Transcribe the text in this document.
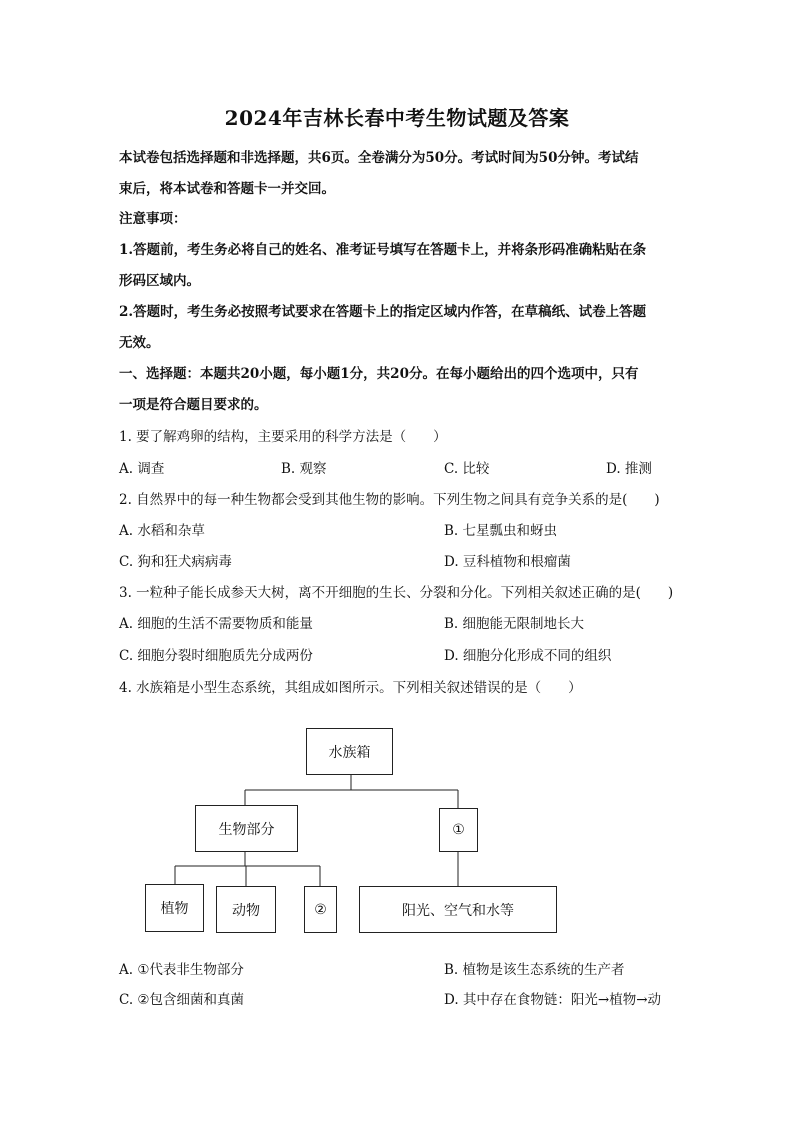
2024年吉林长春中考生物试题及答案
本试卷包括选择题和非选择题，共6页。全卷满分为50分。考试时间为50分钟。考试结
束后，将本试卷和答题卡一并交回。
注意事项：
1.答题前，考生务必将自己的姓名、准考证号填写在答题卡上，并将条形码准确粘贴在条
形码区域内。
2.答题时，考生务必按照考试要求在答题卡上的指定区域内作答，在草稿纸、试卷上答题
无效。
一、选择题：本题共20小题，每小题1分，共20分。在每小题给出的四个选项中，只有
一项是符合题目要求的。
1. 要了解鸡卵的结构，主要采用的科学方法是（　　）
A. 调查	B. 观察	C. 比较	D. 推测
2. 自然界中的每一种生物都会受到其他生物的影响。下列生物之间具有竞争关系的是(　　)
A. 水稻和杂草	B. 七星瓢虫和蚜虫
C. 狗和狂犬病病毒	D. 豆科植物和根瘤菌
3. 一粒种子能长成参天大树，离不开细胞的生长、分裂和分化。下列相关叙述正确的是(　　)
A. 细胞的生活不需要物质和能量	B. 细胞能无限制地长大
C. 细胞分裂时细胞质先分成两份	D. 细胞分化形成不同的组织
4. 水族箱是小型生态系统，其组成如图所示。下列相关叙述错误的是（　　）
水族箱
生物部分	①
植物	动物	②	阳光、空气和水等
A. ①代表非生物部分	B. 植物是该生态系统的生产者
C. ②包含细菌和真菌	D. 其中存在食物链：阳光→植物→动
